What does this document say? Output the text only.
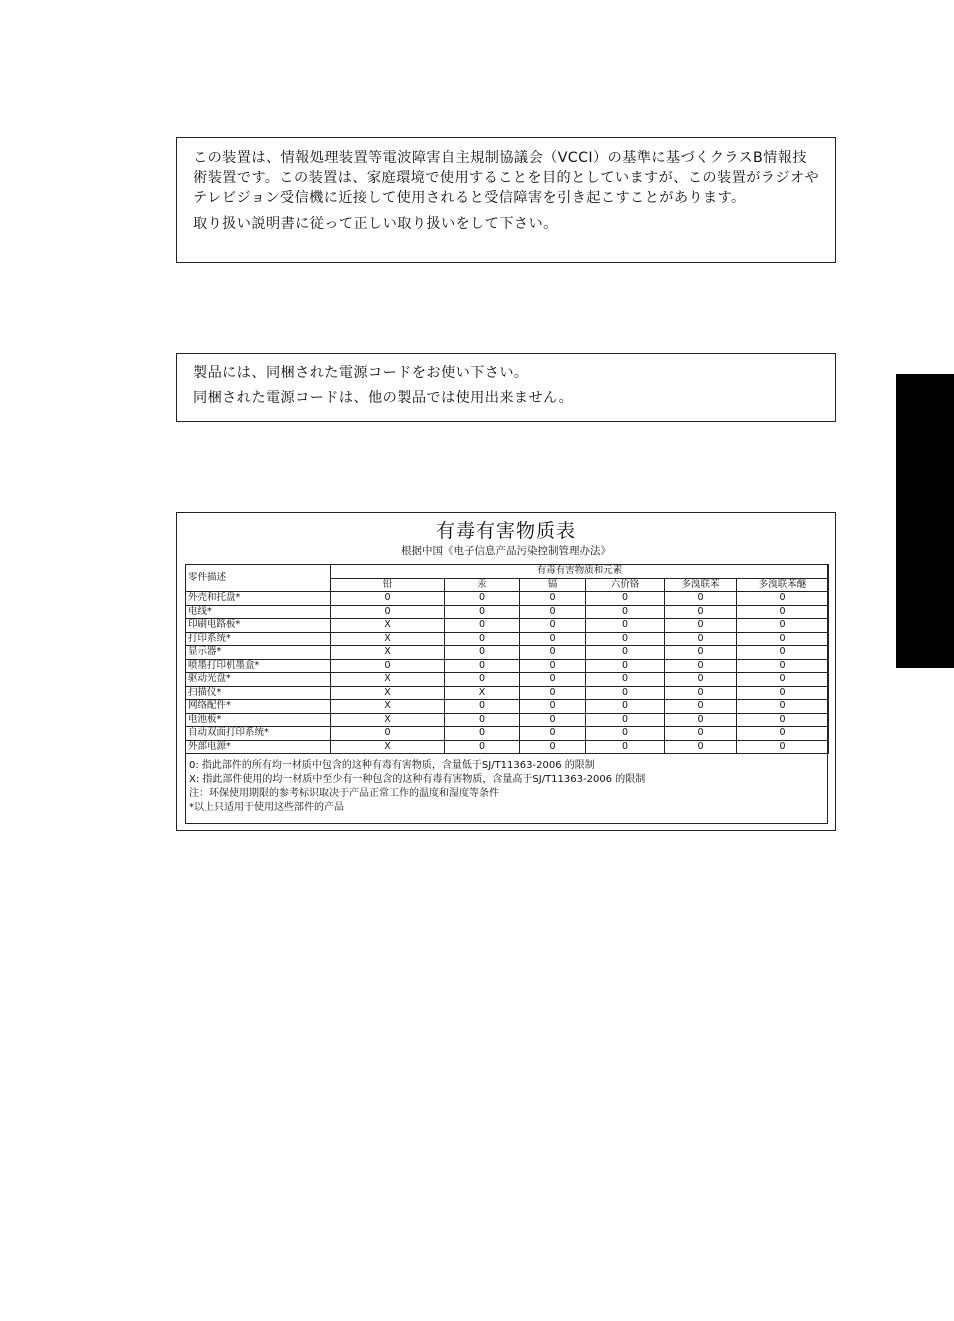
この装置は、情報処理装置等電波障害自主規制協議会（VCCI）の基準に基づくクラスB情報技術装置です。この装置は、家庭環境で使用することを目的としていますが、この装置がラジオやテレビジョン受信機に近接して使用されると受信障害を引き起こすことがあります。

取り扱い説明書に従って正しい取り扱いをして下さい。

製品には、同梱された電源コードをお使い下さい。

同梱された電源コードは、他の製品では使用出来ません。

有毒有害物质表
根据中国《电子信息产品污染控制管理办法》
零件描述	有毒有害物质和元素					
	铅	汞	镉	六价铬	多溴联苯	多溴联苯醚
外壳和托盘*	0	0	0	0	0	0
电线*	0	0	0	0	0	0
印刷电路板*	X	0	0	0	0	0
打印系统*	X	0	0	0	0	0
显示器*	X	0	0	0	0	0
喷墨打印机墨盒*	0	0	0	0	0	0
驱动光盘*	X	0	0	0	0	0
扫描仪*	X	X	0	0	0	0
网络配件*	X	0	0	0	0	0
电池板*	X	0	0	0	0	0
自动双面打印系统*	0	0	0	0	0	0
外部电源*	X	0	0	0	0	0
0: 指此部件的所有均一材质中包含的这种有毒有害物质，含量低于SJ/T11363-2006 的限制
X: 指此部件使用的均一材质中至少有一种包含的这种有毒有害物质，含量高于SJ/T11363-2006 的限制
注：环保使用期限的参考标识取决于产品正常工作的温度和湿度等条件
*以上只适用于使用这些部件的产品
